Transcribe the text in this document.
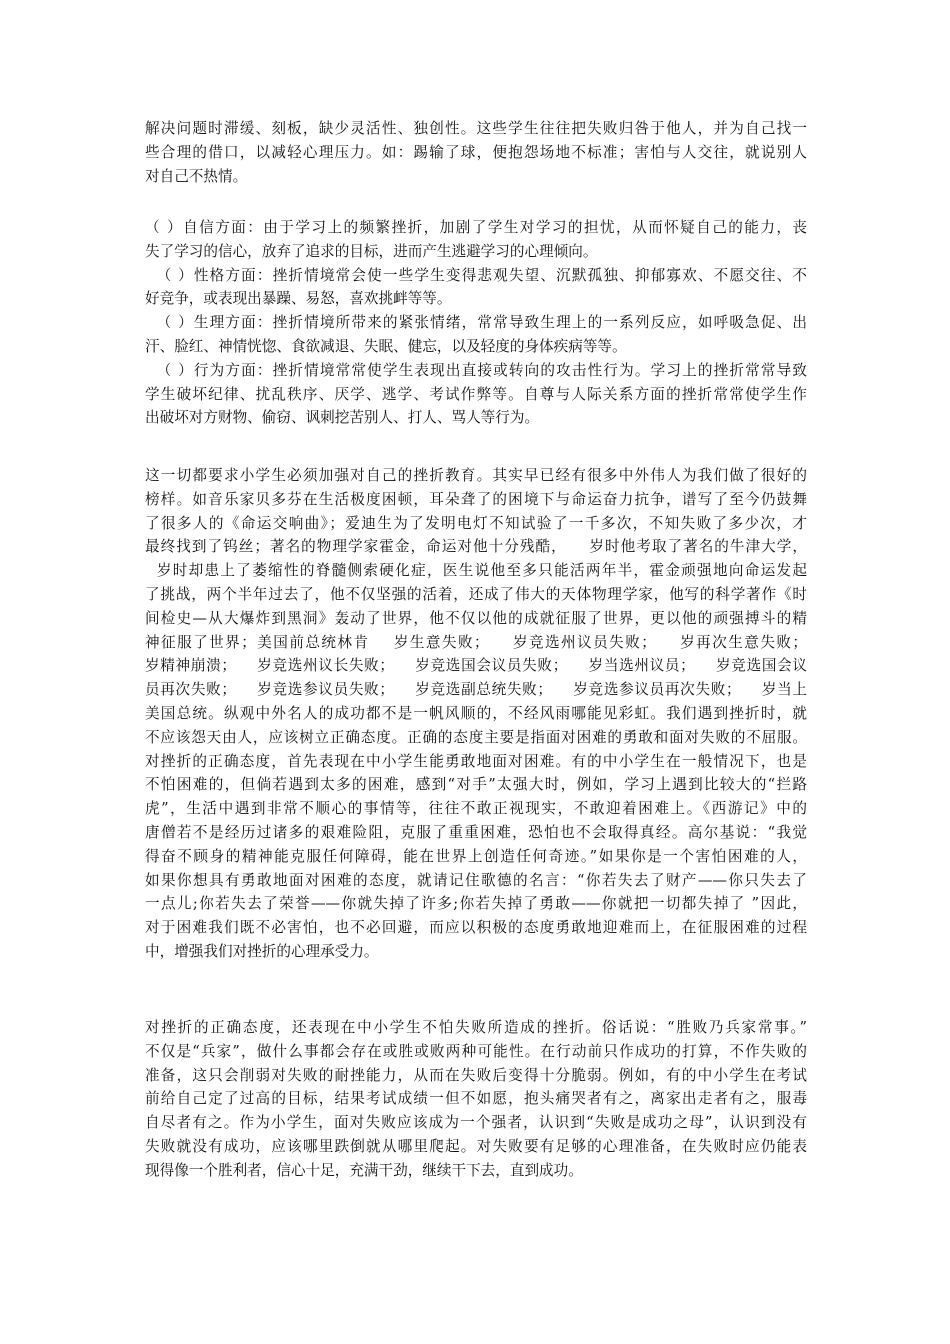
解决问题时滞缓、刻板，缺少灵活性、独创性。这些学生往往把失败归咎于他人，并为自己找一
些合理的借口，以减轻心理压力。如：踢输了球，便抱怨场地不标准；害怕与人交往，就说别人
对自己不热情。
（ ）自信方面：由于学习上的频繁挫折，加剧了学生对学习的担忧，从而怀疑自己的能力，丧
失了学习的信心，放弃了追求的目标，进而产生逃避学习的心理倾向。
（ ）性格方面：挫折情境常会使一些学生变得悲观失望、沉默孤独、抑郁寡欢、不愿交往、不
好竞争，或表现出暴躁、易怒，喜欢挑衅等等。
（ ）生理方面：挫折情境所带来的紧张情绪，常常导致生理上的一系列反应，如呼吸急促、出
汗、脸红、神情恍惚、食欲减退、失眠、健忘，以及轻度的身体疾病等等。
（ ）行为方面：挫折情境常常使学生表现出直接或转向的攻击性行为。学习上的挫折常常导致
学生破坏纪律、扰乱秩序、厌学、逃学、考试作弊等。自尊与人际关系方面的挫折常常使学生作
出破坏对方财物、偷窃、讽刺挖苦别人、打人、骂人等行为。
这一切都要求小学生必须加强对自己的挫折教育。其实早已经有很多中外伟人为我们做了很好的
榜样。如音乐家贝多芬在生活极度困顿，耳朵聋了的困境下与命运奋力抗争，谱写了至今仍鼓舞
了很多人的《命运交响曲》；爱迪生为了发明电灯不知试验了一千多次，不知失败了多少次，才
最终找到了钨丝；著名的物理学家霍金，命运对他十分残酷，    岁时他考取了著名的牛津大学，
岁时却患上了萎缩性的脊髓侧索硬化症，医生说他至多只能活两年半，霍金顽强地向命运发起
了挑战，两个半年过去了，他不仅坚强的活着，还成了伟大的天体物理学家，他写的科学著作《时
间检史—从大爆炸到黑洞》轰动了世界，他不仅以他的成就征服了世界，更以他的顽强搏斗的精
神征服了世界；美国前总统林肯    岁生意失败；    岁竞选州议员失败；    岁再次生意失败；
岁精神崩溃；    岁竞选州议长失败；    岁竞选国会议员失败；    岁当选州议员；    岁竞选国会议
员再次失败；    岁竞选参议员失败；    岁竞选副总统失败；    岁竞选参议员再次失败；    岁当上
美国总统。纵观中外名人的成功都不是一帆风顺的，不经风雨哪能见彩虹。我们遇到挫折时，就
不应该怨天由人，应该树立正确态度。正确的态度主要是指面对困难的勇敢和面对失败的不屈服。
对挫折的正确态度，首先表现在中小学生能勇敢地面对困难。有的中小学生在一般情况下，也是
不怕困难的，但倘若遇到太多的困难，感到“对手”太强大时，例如，学习上遇到比较大的“拦路
虎”，生活中遇到非常不顺心的事情等，往往不敢正视现实，不敢迎着困难上。《西游记》中的
唐僧若不是经历过诸多的艰难险阻，克服了重重困难，恐怕也不会取得真经。高尔基说：“我觉
得奋不顾身的精神能克服任何障碍，能在世界上创造任何奇迹。”如果你是一个害怕困难的人，
如果你想具有勇敢地面对困难的态度，就请记住歌德的名言：“你若失去了财产——你只失去了
一点儿;你若失去了荣誉——你就失掉了许多;你若失掉了勇敢——你就把一切都失掉了 ”因此，
对于困难我们既不必害怕，也不必回避，而应以积极的态度勇敢地迎难而上，在征服困难的过程
中，增强我们对挫折的心理承受力。
对挫折的正确态度，还表现在中小学生不怕失败所造成的挫折。俗话说：“胜败乃兵家常事。”
不仅是“兵家”，做什么事都会存在或胜或败两种可能性。在行动前只作成功的打算，不作失败的
准备，这只会削弱对失败的耐挫能力，从而在失败后变得十分脆弱。例如，有的中小学生在考试
前给自己定了过高的目标，结果考试成绩一但不如愿，抱头痛哭者有之，离家出走者有之，服毒
自尽者有之。作为小学生，面对失败应该成为一个强者，认识到“失败是成功之母”，认识到没有
失败就没有成功，应该哪里跌倒就从哪里爬起。对失败要有足够的心理准备，在失败时应仍能表
现得像一个胜利者，信心十足，充满干劲，继续干下去，直到成功。
